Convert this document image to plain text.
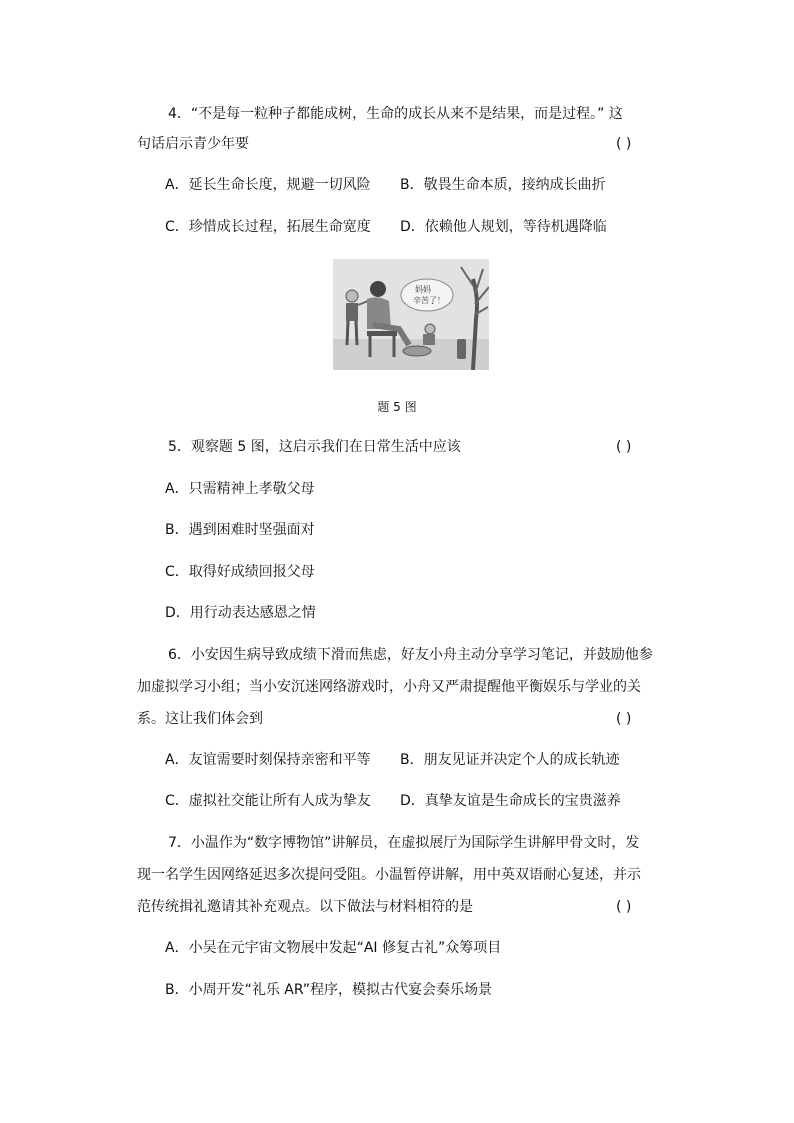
4．“不是每一粒种子都能成树，生命的成长从来不是结果，而是过程。” 这
句话启示青少年要	( )
A．延长生命长度，规避一切风险 B．敬畏生命本质，接纳成长曲折
C．珍惜成长过程，拓展生命宽度 D．依赖他人规划，等待机遇降临
妈妈
辛苦了！
题 5 图
5．观察题 5 图，这启示我们在日常生活中应该	( )
A．只需精神上孝敬父母
B．遇到困难时坚强面对
C．取得好成绩回报父母
D．用行动表达感恩之情
6．小安因生病导致成绩下滑而焦虑，好友小舟主动分享学习笔记，并鼓励他参
加虚拟学习小组；当小安沉迷网络游戏时，小舟又严肃提醒他平衡娱乐与学业的关
系。这让我们体会到	( )
A．友谊需要时刻保持亲密和平等 B．朋友见证并决定个人的成长轨迹
C．虚拟社交能让所有人成为挚友 D．真挚友谊是生命成长的宝贵滋养
7．小温作为“数字博物馆”讲解员，在虚拟展厅为国际学生讲解甲骨文时，发
现一名学生因网络延迟多次提问受阻。小温暂停讲解，用中英双语耐心复述，并示
范传统揖礼邀请其补充观点。以下做法与材料相符的是	( )
A．小吴在元宇宙文物展中发起“AI 修复古礼”众筹项目
B．小周开发“礼乐 AR”程序，模拟古代宴会奏乐场景
